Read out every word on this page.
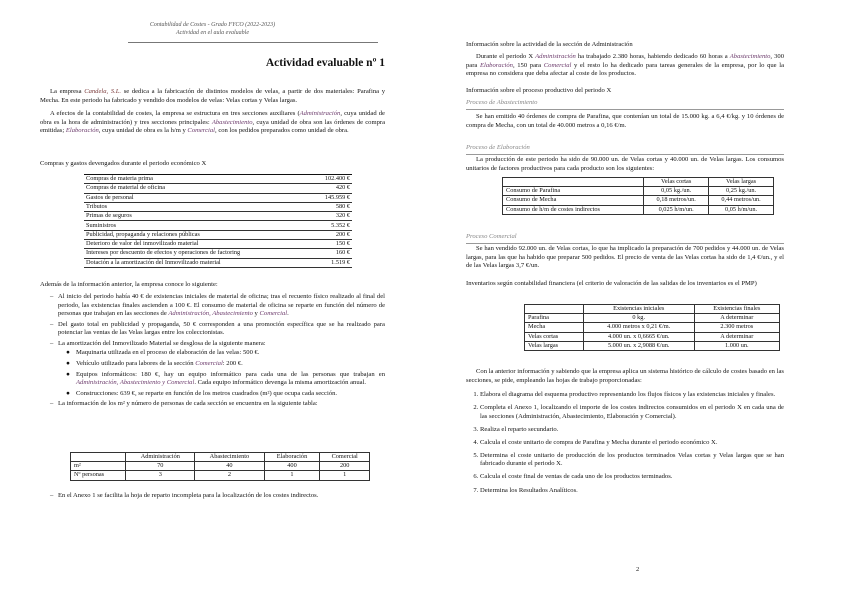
Contabilidad de Costes - Grado FYCO (2022-2023)
Actividad en el aula evaluable
Actividad evaluable nº 1

La empresa Candela, S.L. se dedica a la fabricación de distintos modelos de velas, a partir de dos materiales: Parafina y Mecha. En este periodo ha fabricado y vendido dos modelos de velas: Velas cortas y Velas largas.

A efectos de la contabilidad de costes, la empresa se estructura en tres secciones auxiliares (Administración, cuya unidad de obra es la hora de administración) y tres secciones principales: Abastecimiento, cuya unidad de obra son las órdenes de compra emitidas; Elaboración, cuya unidad de obra es la h/m y Comercial, con los pedidos preparados como unidad de obra.

Compras y gastos devengados durante el periodo económico X
Compras de materia prima	102.400 €
Compras de material de oficina	420 €
Gastos de personal	145.959 €
Tributos	580 €
Primas de seguros	320 €
Suministros	5.352 €
Publicidad, propaganda y relaciones públicas	200 €
Deterioro de valor del inmovilizado material	150 €
Intereses por descuento de efectos y operaciones de factoring	160 €
Dotación a la amortización del Inmovilizado material	1.519 €
Además de la información anterior, la empresa conoce lo siguiente:
– Al inicio del periodo había 40 € de existencias iniciales de material de oficina; tras el recuento físico realizado al final del periodo, las existencias finales ascienden a 100 €. El consumo de material de oficina se reparte en función del número de personas que trabajan en las secciones de Administración, Abastecimiento y Comercial.

– Del gasto total en publicidad y propaganda, 50 € corresponden a una promoción específica que se ha realizado para potenciar las ventas de las Velas largas entre los coleccionistas.

– La amortización del Inmovilizado Material se desglosa de la siguiente manera:

● Maquinaria utilizada en el proceso de elaboración de las velas: 500 €.

● Vehículo utilizado para labores de la sección Comercial: 200 €.

● Equipos informáticos: 180 €, hay un equipo informático para cada una de las personas que trabajan en Administración, Abastecimiento y Comercial. Cada equipo informático devenga la misma amortización anual.

● Construcciones: 639 €, se reparte en función de los metros cuadrados (m²) que ocupa cada sección.

– La información de los m² y número de personas de cada sección se encuentra en la siguiente tabla:

	Administración	Abastecimiento	Elaboración	Comercial
m²	70	40	400	200
Nº personas	3	2	1	1
– En el Anexo 1 se facilita la hoja de reparto incompleta para la localización de los costes indirectos.
Información sobre la actividad de la sección de Administración

Durante el periodo X Administración ha trabajado 2.380 horas, habiendo dedicado 60 horas a Abastecimiento, 300 para Elaboración, 150 para Comercial y el resto lo ha dedicado para tareas generales de la empresa, por lo que la empresa no considera que deba afectar al coste de los productos.

Información sobre el proceso productivo del periodo X
Proceso de Abastecimiento

Se han emitido 40 órdenes de compra de Parafina, que contenían un total de 15.000 kg. a 6,4 €/kg. y 10 órdenes de compra de Mecha, con un total de 40.000 metros a 0,16 €/m.

Proceso de Elaboración

La producción de este periodo ha sido de 90.000 un. de Velas cortas y 40.000 un. de Velas largas. Los consumos unitarios de factores productivos para cada producto son los siguientes:

	Velas cortas	Velas largas
Consumo de Parafina	0,05 kg./un.	0,25 kg./un.
Consumo de Mecha	0,18 metros/un.	0,44 metros/un.
Consumo de h/m de costes indirectos	0,025 h/m/un.	0,05 h/m/un.
Proceso Comercial

Se han vendido 92.000 un. de Velas cortas, lo que ha implicado la preparación de 700 pedidos y 44.000 un. de Velas largas, para las que ha habido que preparar 500 pedidos. El precio de venta de las Velas cortas ha sido de 1,4 €/un., y el de las Velas largas 3,7 €/un.

Inventarios según contabilidad financiera (el criterio de valoración de las salidas de los inventarios es el PMP)
	Existencias iniciales	Existencias finales
Parafina	0 kg.	A determinar
Mecha	4.000 metros x 0,21 €/m.	2.300 metros
Velas cortas	4.000 un. x 0,6665 €/un.	A determinar
Velas largas	5.000 un. x 2,9088 €/un.	1.000 un.

Con la anterior información y sabiendo que la empresa aplica un sistema histórico de cálculo de costes basado en las secciones, se pide, empleando las hojas de trabajo proporcionadas:

1. Elabora el diagrama del esquema productivo representando los flujos físicos y las existencias iniciales y finales.
2. Completa el Anexo 1, localizando el importe de los costes indirectos consumidos en el periodo X en cada una de las secciones (Administración, Abastecimiento, Elaboración y Comercial).
3. Realiza el reparto secundario.
4. Calcula el coste unitario de compra de Parafina y Mecha durante el periodo económico X.
5. Determina el coste unitario de producción de los productos terminados Velas cortas y Velas largas que se han fabricado durante el periodo X.
6. Calcula el coste final de ventas de cada uno de los productos terminados.
7. Determina los Resultados Analíticos.
2
